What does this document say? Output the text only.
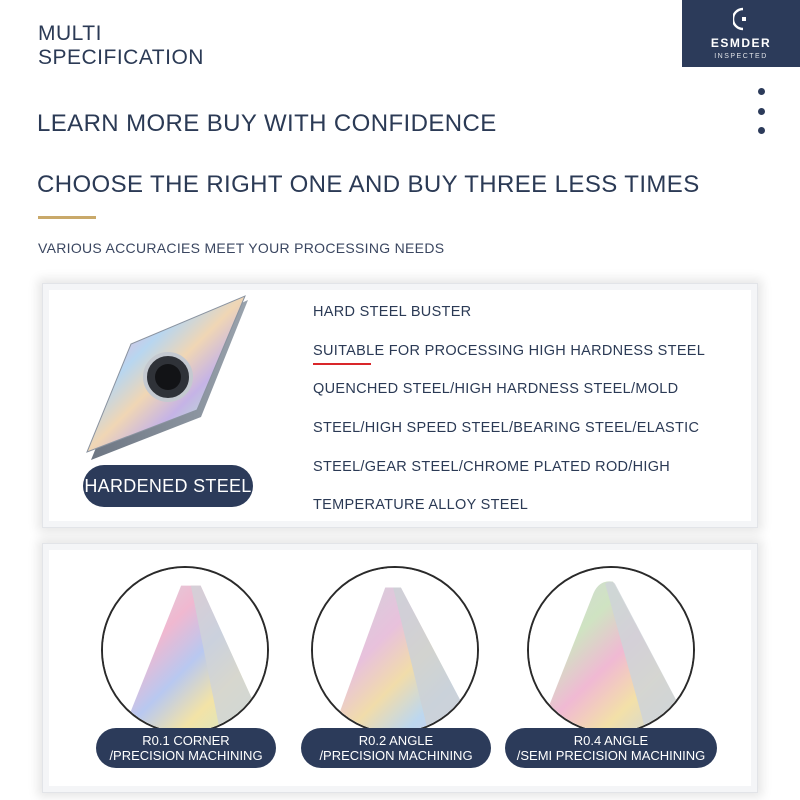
MULTI
SPECIFICATION
ESMDER
INSPECTED
LEARN MORE BUY WITH CONFIDENCE
CHOOSE THE RIGHT ONE AND BUY THREE LESS TIMES
VARIOUS ACCURACIES MEET YOUR PROCESSING NEEDS
HARDENED STEEL
HARD STEEL BUSTER
SUITABLE FOR PROCESSING HIGH HARDNESS STEEL
QUENCHED STEEL/HIGH HARDNESS STEEL/MOLD
STEEL/HIGH SPEED STEEL/BEARING STEEL/ELASTIC
STEEL/GEAR STEEL/CHROME PLATED ROD/HIGH
TEMPERATURE ALLOY STEEL
R0.1 CORNER
/PRECISION MACHINING
R0.2 ANGLE
/PRECISION MACHINING
R0.4 ANGLE
/SEMI PRECISION MACHINING
